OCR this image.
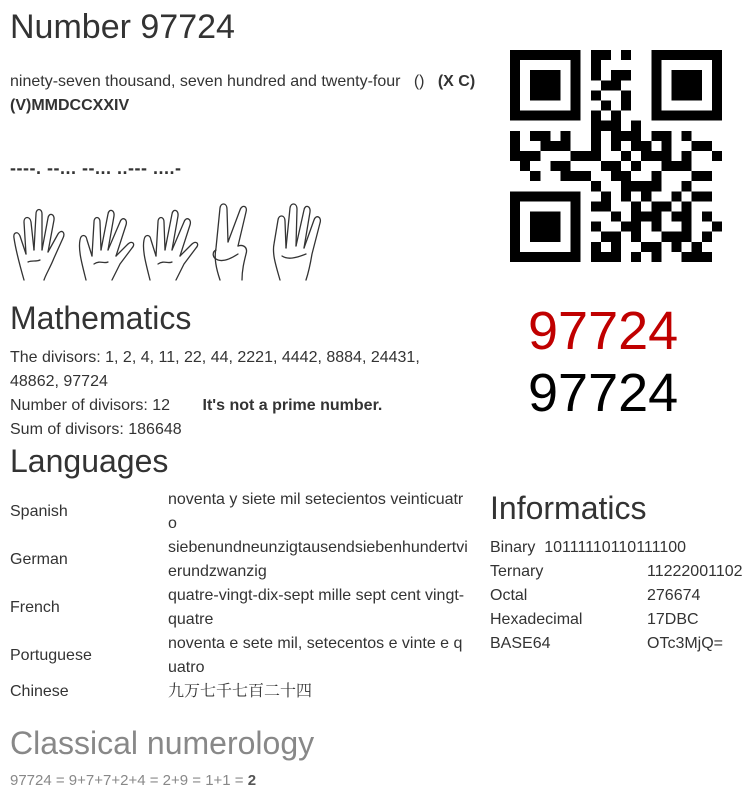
Number 97724
ninety-seven thousand, seven hundred and twenty-four () (X C)(V)MMDCCXXIV
----. --... --... ..--- ....-
97724
97724
Mathematics
The divisors: 1, 2, 4, 11, 22, 44, 2221, 4442, 8884, 24431, 48862, 97724
Number of divisors: 12 It's not a prime number.
Sum of divisors: 186648
Languages
Spanish	noventa y siete mil setecientos veinticuatro
German	siebenundneunzigtausendsiebenhundertvierundzwanzig
French	quatre-vingt-dix-sept mille sept cent vingt-quatre
Portuguese	noventa e sete mil, setecentos e vinte e quatro
Chinese	九万七千七百二十四
Informatics
Binary 10111110110111100	
Ternary	11222001102
Octal	276674
Hexadecimal	17DBC
BASE64	OTc3MjQ=
Classical numerology
97724 = 9+7+7+2+4 = 2+9 = 1+1 = 2
